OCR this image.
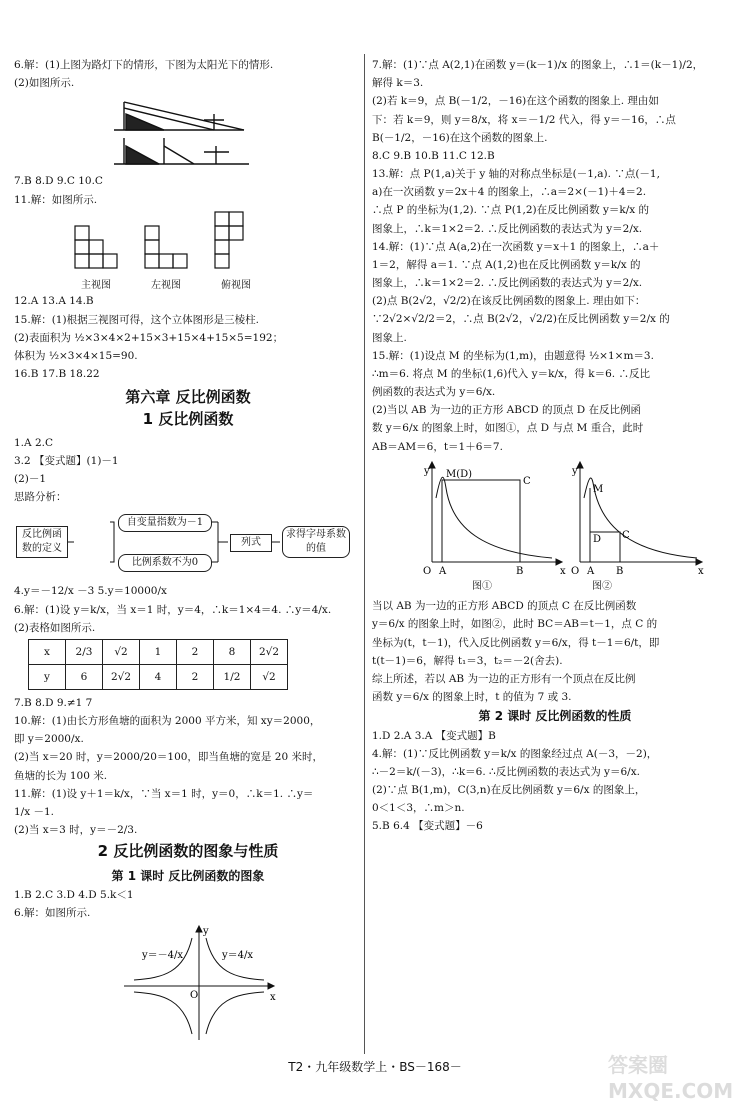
6.解：(1)上图为路灯下的情形，下图为太阳光下的情形.

(2)如图所示.

7.B 8.D 9.C 10.C

11.解：如图所示.

主视图	左视图	俯视图

12.A 13.A 14.B

15.解：(1)根据三视图可得，这个立体图形是三棱柱.

(2)表面积为 ½×3×4×2+15×3+15×4+15×5=192；

体积为 ½×3×4×15=90.

16.B 17.B 18.22

第六章 反比例函数
1 反比例函数

1.A 2.C

3.2 【变式题】(1)－1

(2)－1

思路分析：

反比例函数的定义
自变量指数为－1
比例系数不为0
列式
求得字母系数的值

4.y＝－12/x －3 5.y＝10000/x

6.解：(1)设 y＝k/x，当 x＝1 时，y＝4，∴k＝1×4＝4. ∴y＝4/x.

(2)表格如图所示.

x	2/3	√2	1	2	8	2√2
y	6	2√2	4	2	1/2	√2

7.B 8.D 9.≠1 7

10.解：(1)由长方形鱼塘的面积为 2000 平方米，知 xy＝2000，

即 y＝2000/x.

(2)当 x＝20 时，y＝2000/20＝100，即当鱼塘的宽是 20 米时，

鱼塘的长为 100 米.

11.解：(1)设 y＋1＝k/x，∵当 x＝1 时，y＝0，∴k＝1. ∴y＝

1/x －1.

(2)当 x＝3 时，y＝－2/3.

2 反比例函数的图象与性质
第 1 课时 反比例函数的图象

1.B 2.C 3.D 4.D 5.k＜1

6.解：如图所示.

y＝－4/x	y＝4/x
y
x
O

7.解：(1)∵点 A(2,1)在函数 y＝(k－1)/x 的图象上，∴1＝(k－1)/2，

解得 k＝3.

(2)若 k＝9，点 B(－1/2，－16)在这个函数的图象上. 理由如

下：若 k＝9，则 y＝8/x，将 x＝－1/2 代入，得 y＝－16，∴点

B(－1/2，－16)在这个函数的图象上.

8.C 9.B 10.B 11.C 12.B

13.解：点 P(1,a)关于 y 轴的对称点坐标是(－1,a). ∵点(－1,

a)在一次函数 y＝2x＋4 的图象上，∴a＝2×(－1)＋4＝2.

∴点 P 的坐标为(1,2). ∵点 P(1,2)在反比例函数 y＝k/x 的

图象上，∴k＝1×2＝2. ∴反比例函数的表达式为 y＝2/x.

14.解：(1)∵点 A(a,2)在一次函数 y＝x＋1 的图象上，∴a＋

1＝2，解得 a＝1. ∵点 A(1,2)也在反比例函数 y＝k/x 的

图象上，∴k＝1×2＝2. ∴反比例函数的表达式为 y＝2/x.

(2)点 B(2√2，√2/2)在该反比例函数的图象上. 理由如下：

∵2√2×√2/2＝2，∴点 B(2√2，√2/2)在反比例函数 y＝2/x 的

图象上.

15.解：(1)设点 M 的坐标为(1,m)，由题意得 ½×1×m＝3.

∴m＝6. 将点 M 的坐标(1,6)代入 y＝k/x，得 k＝6. ∴反比

例函数的表达式为 y＝6/x.

(2)当以 AB 为一边的正方形 ABCD 的顶点 D 在反比例函

数 y＝6/x 的图象上时，如图①，点 D 与点 M 重合，此时

AB＝AM＝6，t＝1＋6＝7.

y M(D)
C
O A	B	x
y
M
D C
O A B	x
图①	图②

当以 AB 为一边的正方形 ABCD 的顶点 C 在反比例函数

y＝6/x 的图象上时，如图②，此时 BC＝AB＝t－1，点 C 的

坐标为(t，t－1)，代入反比例函数 y＝6/x，得 t－1＝6/t，即

t(t－1)＝6，解得 t₁＝3，t₂＝－2(舍去).

综上所述，若以 AB 为一边的正方形有一个顶点在反比例

函数 y＝6/x 的图象上时，t 的值为 7 或 3.

第 2 课时 反比例函数的性质

1.D 2.A 3.A 【变式题】B

4.解：(1)∵反比例函数 y＝k/x 的图象经过点 A(－3，－2)，

∴－2＝k/(－3)，∴k＝6. ∴反比例函数的表达式为 y＝6/x.

(2)∵点 B(1,m)，C(3,n)在反比例函数 y＝6/x 的图象上，

0＜1＜3，∴m＞n.

5.B 6.4 【变式题】－6

T2・九年级数学上・BS－168－	答案圈
MXQE.COM
